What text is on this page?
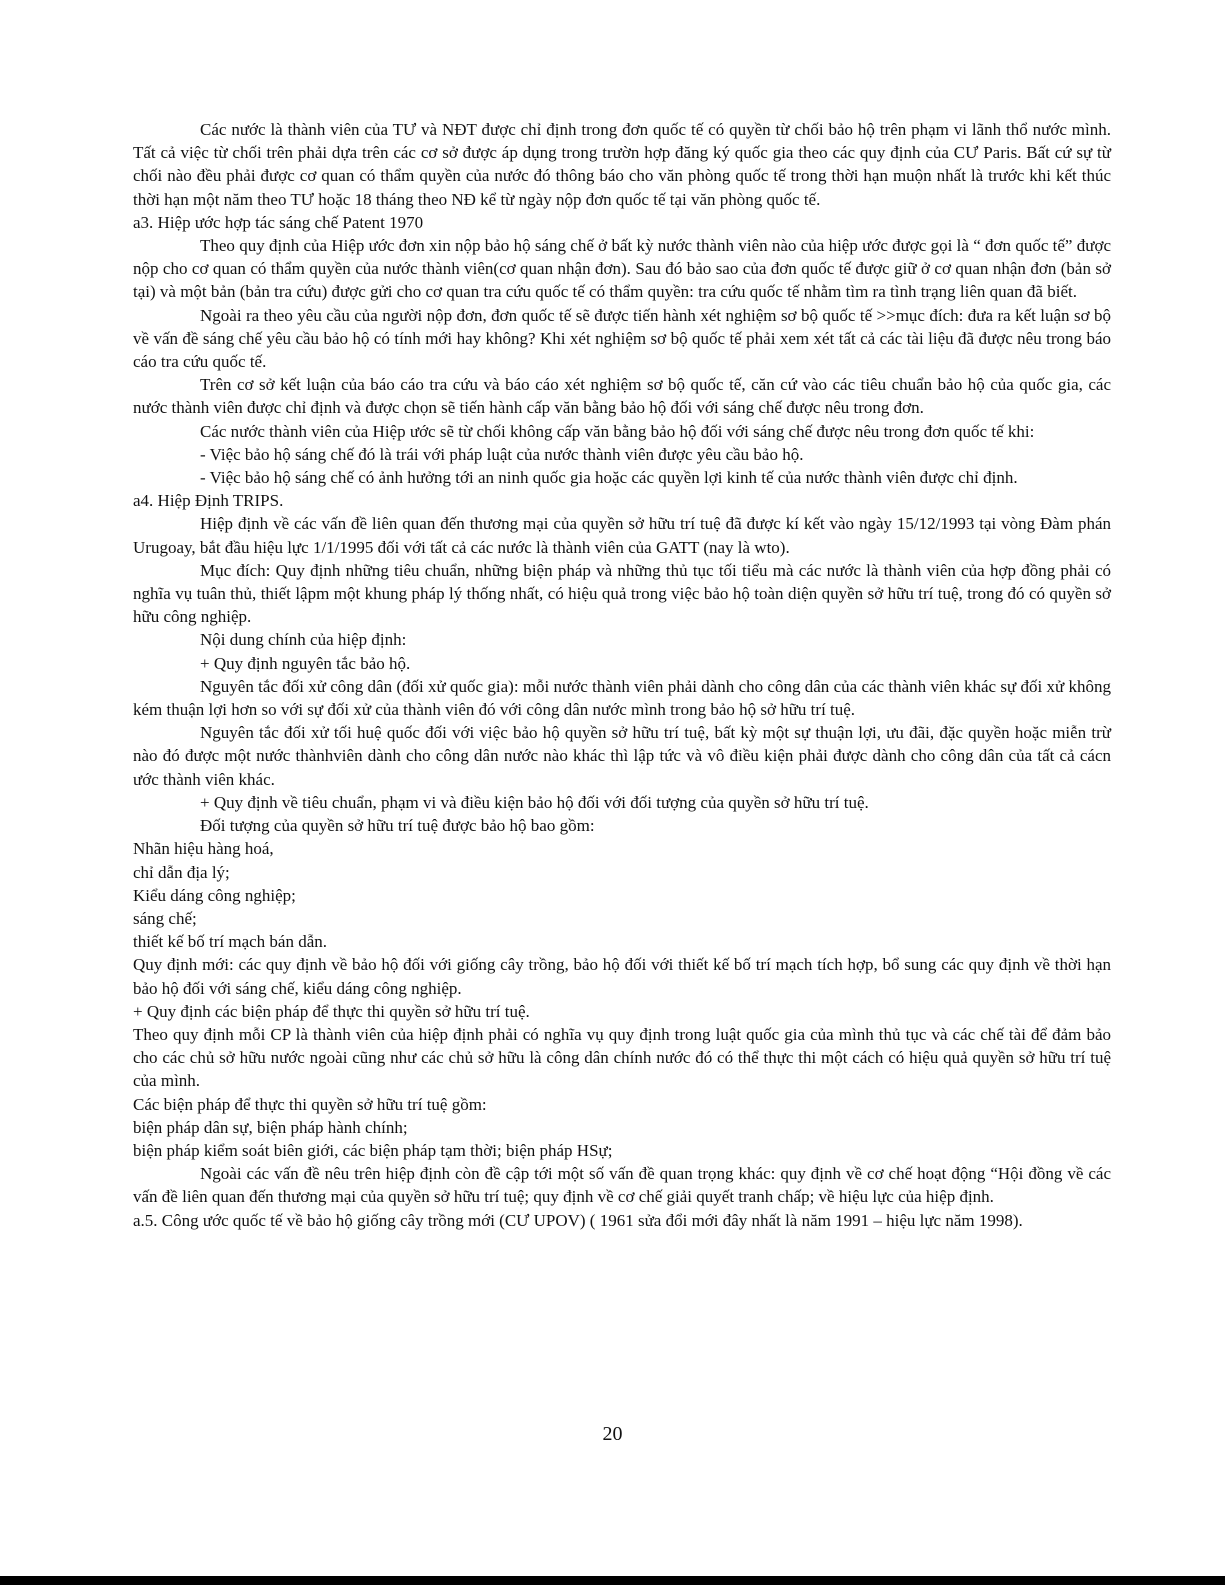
Các nước là thành viên của TƯ và NĐT được chỉ định trong đơn quốc tế có quyền từ chối bảo hộ trên phạm vi lãnh thổ nước mình. Tất cả việc từ chối trên phải dựa trên các cơ sở được áp dụng trong trườn hợp đăng ký quốc gia theo các quy định của CƯ Paris. Bất cứ sự từ chối nào đều phải được cơ quan có thẩm quyền của nước đó thông báo cho văn phòng quốc tế trong thời hạn muộn nhất là trước khi kết thúc thời hạn một năm theo TƯ hoặc 18 tháng theo NĐ kể từ ngày nộp đơn quốc tế tại văn phòng quốc tế.

a3. Hiệp ước hợp tác sáng chế Patent 1970

Theo quy định của Hiệp ước đơn xin nộp bảo hộ sáng chế ở bất kỳ nước thành viên nào của hiệp ước được gọi là “ đơn quốc tế” được nộp cho cơ quan có thẩm quyền của nước thành viên(cơ quan nhận đơn). Sau đó bảo sao của đơn quốc tế được giữ ở cơ quan nhận đơn (bản sở tại) và một bản (bản tra cứu) được gửi cho cơ quan tra cứu quốc tế có thẩm quyền: tra cứu quốc tế nhằm tìm ra tình trạng liên quan đã biết.

Ngoài ra theo yêu cầu của người nộp đơn, đơn quốc tế sẽ được tiến hành xét nghiệm sơ bộ quốc tế >>mục đích: đưa ra kết luận sơ bộ về vấn đề sáng chế yêu cầu bảo hộ có tính mới hay không? Khi xét nghiệm sơ bộ quốc tế phải xem xét tất cả các tài liệu đã được nêu trong báo cáo tra cứu quốc tế.

Trên cơ sở kết luận của báo cáo tra cứu và báo cáo xét nghiệm sơ bộ quốc tế, căn cứ vào các tiêu chuẩn bảo hộ của quốc gia, các nước thành viên được chỉ định và được chọn sẽ tiến hành cấp văn bằng bảo hộ đối với sáng chế được nêu trong đơn.

Các nước thành viên của Hiệp ước sẽ từ chối không cấp văn bằng bảo hộ đối với sáng chế được nêu trong đơn quốc tế khi:

- Việc bảo hộ sáng chế đó là trái với pháp luật của nước thành viên được yêu cầu bảo hộ.

- Việc bảo hộ sáng chế có ảnh hưởng tới an ninh quốc gia hoặc các quyền lợi kinh tế của nước thành viên được chỉ định.

a4. Hiệp Định TRIPS.

Hiệp định về các vấn đề liên quan đến thương mại của quyền sở hữu trí tuệ đã được kí kết vào ngày 15/12/1993 tại vòng Đàm phán Urugoay, bắt đầu hiệu lực 1/1/1995 đối với tất cả các nước là thành viên của GATT (nay là wto).

Mục đích: Quy định những tiêu chuẩn, những biện pháp và những thủ tục tối tiểu mà các nước là thành viên của hợp đồng phải có nghĩa vụ tuân thủ, thiết lậpm một khung pháp lý thống nhất, có hiệu quả trong việc bảo hộ toàn diện quyền sở hữu trí tuệ, trong đó có quyền sở hữu công nghiệp.

Nội dung chính của hiệp định:

+ Quy định nguyên tắc bảo hộ.

Nguyên tắc đối xử công dân (đối xử quốc gia): mỗi nước thành viên phải dành cho công dân của các thành viên khác sự đối xử không kém thuận lợi hơn so với sự đối xử của thành viên đó với công dân nước mình trong bảo hộ sở hữu trí tuệ.

Nguyên tắc đối xử tối huệ quốc đối với việc bảo hộ quyền sở hữu trí tuệ, bất kỳ một sự thuận lợi, ưu đãi, đặc quyền hoặc miễn trừ nào đó được một nước thànhviên dành cho công dân nước nào khác thì lập tức và vô điều kiện phải được dành cho công dân của tất cả cácn ước thành viên khác.

+ Quy định về tiêu chuẩn, phạm vi và điều kiện bảo hộ đối với đối tượng của quyền sở hữu trí tuệ.

Đối tượng của quyền sở hữu trí tuệ được bảo hộ bao gồm:

Nhãn hiệu hàng hoá,

chỉ dẫn địa lý;

Kiểu dáng công nghiệp;

sáng chế;

thiết kế bố trí mạch bán dẫn.

Quy định mới: các quy định về bảo hộ đối với giống cây trồng, bảo hộ đối với thiết kế bố trí mạch tích hợp, bổ sung các quy định về thời hạn bảo hộ đối với sáng chế, kiểu dáng công nghiệp.

+ Quy định các biện pháp để thực thi quyền sở hữu trí tuệ.

Theo quy định mỗi CP là thành viên của hiệp định phải có nghĩa vụ quy định trong luật quốc gia của mình thủ tục và các chế tài để đảm bảo cho các chủ sở hữu nước ngoài cũng như các chủ sở hữu là công dân chính nước đó có thể thực thi một cách có hiệu quả quyền sở hữu trí tuệ của mình.

Các biện pháp để thực thi quyền sở hữu trí tuệ gồm:

biện pháp dân sự, biện pháp hành chính;

biện pháp kiểm soát biên giới, các biện pháp tạm thời; biện pháp HSự;

Ngoài các vấn đề nêu trên hiệp định còn đề cập tới một số vấn đề quan trọng khác: quy định về cơ chế hoạt động “Hội đồng về các vấn đề liên quan đến thương mại của quyền sở hữu trí tuệ; quy định về cơ chế giải quyết tranh chấp; về hiệu lực của hiệp định.

a.5. Công ước quốc tế về bảo hộ giống cây trồng mới (CƯ UPOV) ( 1961 sửa đổi mới đây nhất là năm 1991 – hiệu lực năm 1998).

20
